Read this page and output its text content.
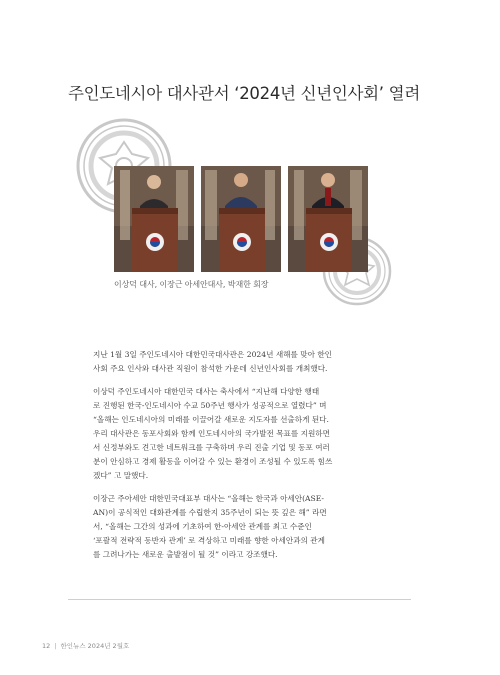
주인도네시아 대사관서 ‘2024년 신년인사회’ 열려
이상덕 대사, 이장근 아세안대사, 박재한 회장

지난 1월 3일 주인도네시아 대한민국대사관은 2024년 새해를 맞아 한인
사회 주요 인사와 대사관 직원이 참석한 가운데 신년인사회를 개최했다.

이상덕 주인도네시아 대한민국 대사는 축사에서 “지난해 다양한 행태
로 진행된 한국-인도네시아 수교 50주년 행사가 성공적으로 열렸다” 며
“올해는 인도네시아의 미래를 이끌어갈 새로운 지도자를 선출하게 된다.
우리 대사관은 동포사회와 함께 인도네시아의 국가발전 목표를 지원하면
서 신정부와도 견고한 네트워크를 구축하며 우리 진출 기업 및 동포 여러
분이 안심하고 경제 활동을 이어갈 수 있는 환경이 조성될 수 있도록 힘쓰
겠다” 고 말했다.

이장근 주아세안 대한민국대표부 대사는 “올해는 한국과 아세안(ASE-
AN)이 공식적인 대화관계를 수립한지 35주년이 되는 뜻 깊은 해” 라면
서, “올해는 그간의 성과에 기초하여 한-아세안 관계를 최고 수준인
‘포괄적 전략적 동반자 관계’ 로 격상하고 미래를 향한 아세안과의 관계
를 그려나가는 새로운 출발점이 될 것” 이라고 강조했다.

12 | 한인뉴스 2024년 2월호
